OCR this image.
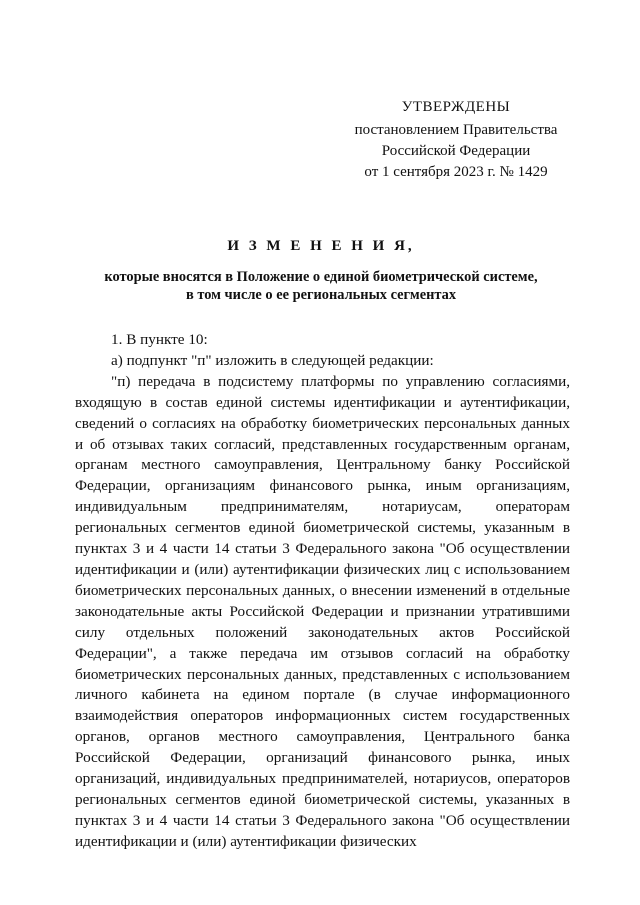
УТВЕРЖДЕНЫ
постановлением Правительства
Российской Федерации
от 1 сентября 2023 г. № 1429
И З М Е Н Е Н И Я,
которые вносятся в Положение о единой биометрической системе,
в том числе о ее региональных сегментах

1. В пункте 10:

а) подпункт "п" изложить в следующей редакции:

"п) передача в подсистему платформы по управлению согласиями, входящую в состав единой системы идентификации и аутентификации, сведений о согласиях на обработку биометрических персональных данных и об отзывах таких согласий, представленных государственным органам, органам местного самоуправления, Центральному банку Российской Федерации, организациям финансового рынка, иным организациям, индивидуальным предпринимателям, нотариусам, операторам региональных сегментов единой биометрической системы, указанным в пунктах 3 и 4 части 14 статьи 3 Федерального закона "Об осуществлении идентификации и (или) аутентификации физических лиц с использованием биометрических персональных данных, о внесении изменений в отдельные законодательные акты Российской Федерации и признании утратившими силу отдельных положений законодательных актов Российской Федерации", а также передача им отзывов согласий на обработку биометрических персональных данных, представленных с использованием личного кабинета на едином портале (в случае информационного взаимодействия операторов информационных систем государственных органов, органов местного самоуправления, Центрального банка Российской Федерации, организаций финансового рынка, иных организаций, индивидуальных предпринимателей, нотариусов, операторов региональных сегментов единой биометрической системы, указанных в пунктах 3 и 4 части 14 статьи 3 Федерального закона "Об осуществлении идентификации и (или) аутентификации физических
